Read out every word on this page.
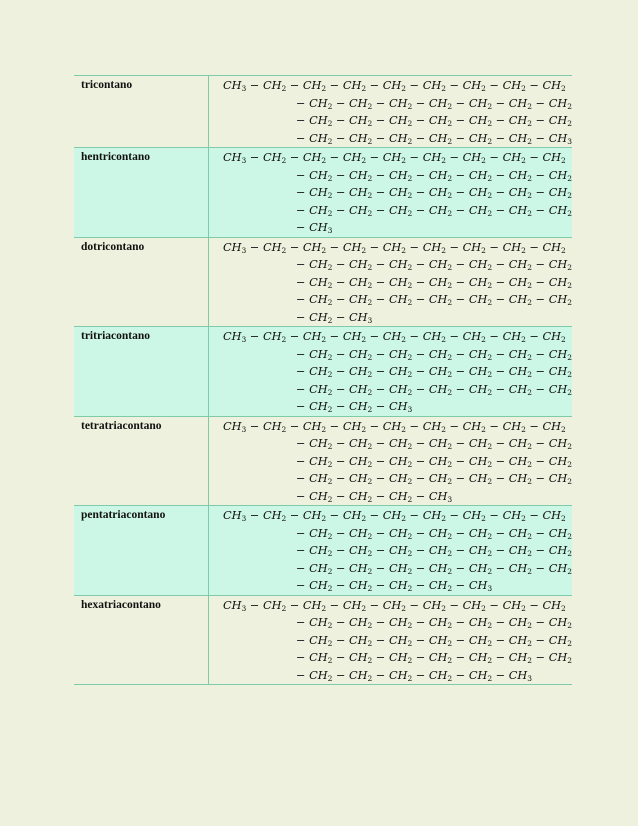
tricontano	$CH_3 - CH_2 - CH_2 - CH_2 - CH_2 - CH_2 - CH_2 - CH_2 - CH_2$
− $CH_2 - CH_2 - CH_2 - CH_2 - CH_2 - CH_2 - CH_2$
− $CH_2 - CH_2 - CH_2 - CH_2 - CH_2 - CH_2 - CH_2$
− $CH_2 - CH_2 - CH_2 - CH_2 - CH_2 - CH_2 - CH_3$
hentricontano	$CH_3 - CH_2 - CH_2 - CH_2 - CH_2 - CH_2 - CH_2 - CH_2 - CH_2$
− $CH_2 - CH_2 - CH_2 - CH_2 - CH_2 - CH_2 - CH_2$
− $CH_2 - CH_2 - CH_2 - CH_2 - CH_2 - CH_2 - CH_2$
− $CH_2 - CH_2 - CH_2 - CH_2 - CH_2 - CH_2 - CH_2$
− $CH_3$
dotricontano	$CH_3 - CH_2 - CH_2 - CH_2 - CH_2 - CH_2 - CH_2 - CH_2 - CH_2$
− $CH_2 - CH_2 - CH_2 - CH_2 - CH_2 - CH_2 - CH_2$
− $CH_2 - CH_2 - CH_2 - CH_2 - CH_2 - CH_2 - CH_2$
− $CH_2 - CH_2 - CH_2 - CH_2 - CH_2 - CH_2 - CH_2$
− $CH_2 - CH_3$
tritriacontano	$CH_3 - CH_2 - CH_2 - CH_2 - CH_2 - CH_2 - CH_2 - CH_2 - CH_2$
− $CH_2 - CH_2 - CH_2 - CH_2 - CH_2 - CH_2 - CH_2$
− $CH_2 - CH_2 - CH_2 - CH_2 - CH_2 - CH_2 - CH_2$
− $CH_2 - CH_2 - CH_2 - CH_2 - CH_2 - CH_2 - CH_2$
− $CH_2 - CH_2 - CH_3$
tetratriacontano	$CH_3 - CH_2 - CH_2 - CH_2 - CH_2 - CH_2 - CH_2 - CH_2 - CH_2$
− $CH_2 - CH_2 - CH_2 - CH_2 - CH_2 - CH_2 - CH_2$
− $CH_2 - CH_2 - CH_2 - CH_2 - CH_2 - CH_2 - CH_2$
− $CH_2 - CH_2 - CH_2 - CH_2 - CH_2 - CH_2 - CH_2$
− $CH_2 - CH_2 - CH_2 - CH_3$
pentatriacontano	$CH_3 - CH_2 - CH_2 - CH_2 - CH_2 - CH_2 - CH_2 - CH_2 - CH_2$
− $CH_2 - CH_2 - CH_2 - CH_2 - CH_2 - CH_2 - CH_2$
− $CH_2 - CH_2 - CH_2 - CH_2 - CH_2 - CH_2 - CH_2$
− $CH_2 - CH_2 - CH_2 - CH_2 - CH_2 - CH_2 - CH_2$
− $CH_2 - CH_2 - CH_2 - CH_2 - CH_3$
hexatriacontano	$CH_3 - CH_2 - CH_2 - CH_2 - CH_2 - CH_2 - CH_2 - CH_2 - CH_2$
− $CH_2 - CH_2 - CH_2 - CH_2 - CH_2 - CH_2 - CH_2$
− $CH_2 - CH_2 - CH_2 - CH_2 - CH_2 - CH_2 - CH_2$
− $CH_2 - CH_2 - CH_2 - CH_2 - CH_2 - CH_2 - CH_2$
− $CH_2 - CH_2 - CH_2 - CH_2 - CH_2 - CH_3$
